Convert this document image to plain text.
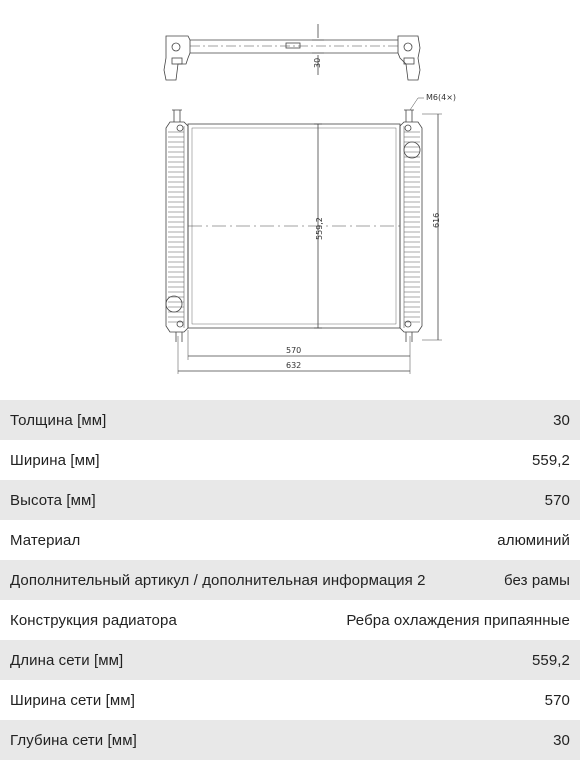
30
559,2	616
570
632
M6(4×)
Толщина [мм]	30
Ширина [мм]	559,2
Высота [мм]	570
Материал	алюминий
Дополнительный артикул / дополнительная информация 2	без рамы
Конструкция радиатора	Ребра охлаждения припаянные
Длина сети [мм]	559,2
Ширина сети [мм]	570
Глубина сети [мм]	30
